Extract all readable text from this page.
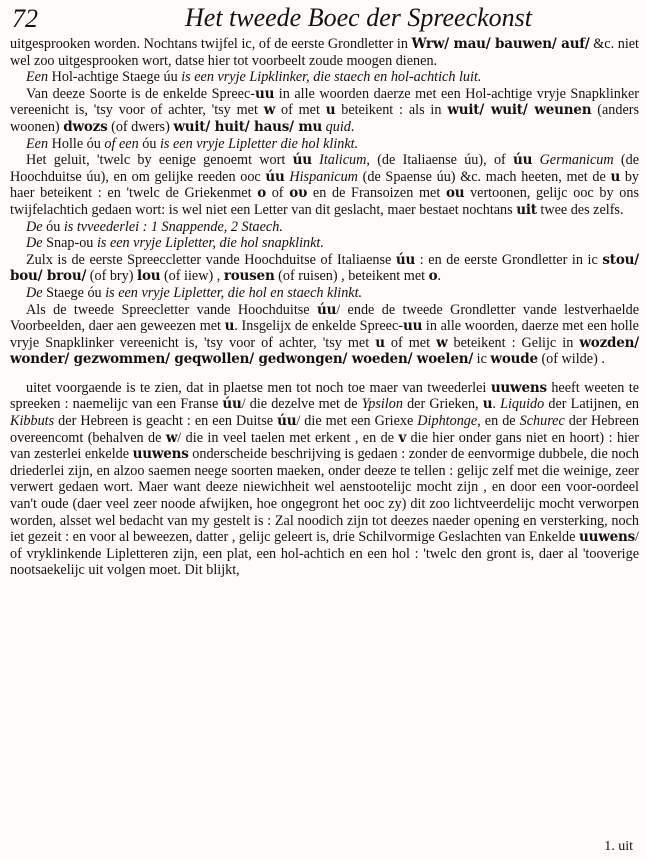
72	Het tweede Boec der Spreeckonst

uitgesprooken worden. Nochtans twijfel ic, of de eerste Grondletter in Wrw/ mau/ bauwen/ auf/ &c. niet wel zoo uitgesprooken wort, datse hier tot voorbeelt zoude moogen dienen.

Een Hol-achtige Staege úu is een vryje Lipklinker, die staech en hol-achtich luit.

Van deeze Soorte is de enkelde Spreec-uu in alle woorden daerze met een Hol-achtige vryje Snapklinker vereenicht is, 'tsy voor of achter, 'tsy met w of met u beteikent : als in wuit/ wuit/ weunen (anders woonen) dwozs (of dwers) wuit/ huit/ haus/ mu quid.

Een Holle óu of een óu is een vryje Lipletter die hol klinkt.

Het geluit, 'twelc by eenige genoemt wort úu Italicum, (de Italiaense úu), of úu Germanicum (de Hoochduitse úu), en om gelijke reeden ooc úu Hispanicum (de Spaense úu) &c. mach heeten, met de u by haer beteikent : en 'twelc de Griekenmet ο of ου en de Fransoizen met ou vertoonen, gelijc ooc by ons twijfelachtich gedaen wort: is wel niet een Letter van dit geslacht, maer bestaet nochtans uit twee des zelfs.

De óu is tvveederlei : 1 Snappende, 2 Staech.

De Snap-ou is een vryje Lipletter, die hol snapklinkt.

Zulx is de eerste Spreeccletter vande Hoochduitse of Italiaense úu : en de eerste Grondletter in ic stou/ bou/ brou/ (of bry) lou (of iiew) , rousen (of ruisen) , beteikent met o.

De Staege óu is een vryje Lipletter, die hol en staech klinkt.

Als de tweede Spreecletter vande Hoochduitse úu/ ende de tweede Grondletter vande lestverhaelde Voorbeelden, daer aen geweezen met u. Insgelijx de enkelde Spreec-uu in alle woorden, daerze met een holle vryje Snapklinker vereenicht is, 'tsy voor of achter, 'tsy met u of met w beteikent : Gelijc in wozden/ wonder/ gezwommen/ geqwollen/ gedwongen/ woeden/ woelen/ ic woude (of wilde) .

uitet voorgaende is te zien, dat in plaetse men tot noch toe maer van tweederlei uuwens heeft weeten te spreeken : naemelijc van een Franse úu/ die dezelve met de Ypsilon der Grieken, u. Liquido der Latijnen, en Kibbuts der Hebreen is geacht : en een Duitse úu/ die met een Griexe Diphtonge, en de Schurec der Hebreen overeencomt (behalven de w/ die in veel taelen met erkent , en de v die hier onder gans niet en hoort) : hier van zesterlei enkelde uuwens onderscheide beschrijving is gedaen : zonder de eenvormige dubbele, die noch driederlei zijn, en alzoo saemen neege soorten maeken, onder deeze te tellen : gelijc zelf met die weinige, zeer verwert gedaen wort. Maer want deeze niewichheit wel aenstootelijc mocht zijn , en door een voor-oordeel van't oude (daer veel zeer noode afwijken, hoe ongegront het ooc zy) dit zoo lichtveerdelijc mocht verworpen worden, alsset wel bedacht van my gestelt is : Zal noodich zijn tot deezes naeder opening en versterking, noch iet gezeit : en voor al beweezen, datter , gelijc geleert is, drie Schilvormige Geslachten van Enkelde uuwens/ of vryklinkende Lipletteren zijn, een plat, een hol-achtich en een hol : 'twelc den gront is, daer al 'tooverige nootsaekelijc uit volgen moet. Dit blijkt,

1. uit
